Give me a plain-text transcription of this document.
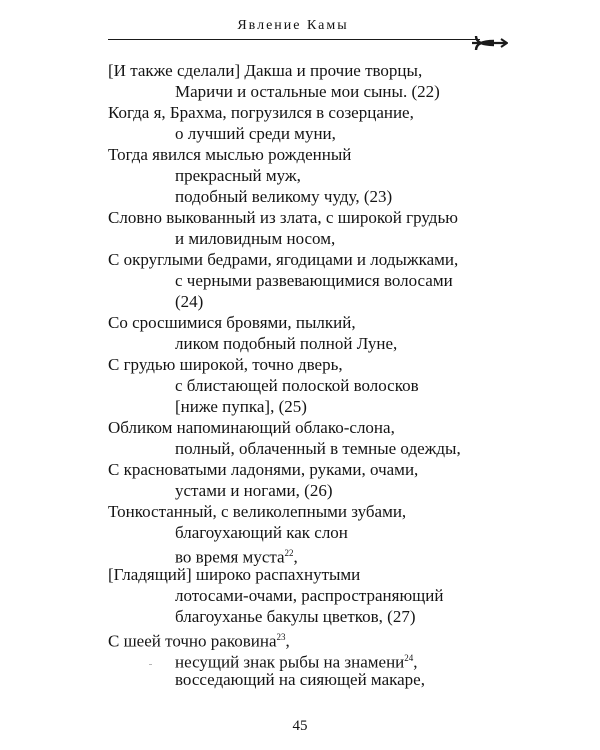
Явление Камы
[И также сделали] Дакша и прочие творцы,
Маричи и остальные мои сыны. (22)
Когда я, Брахма, погрузился в созерцание,
о лучший среди муни,
Тогда явился мыслью рожденный
прекрасный муж,
подобный великому чуду, (23)
Словно выкованный из злата, с широкой грудью
и миловидным носом,
С округлыми бедрами, ягодицами и лодыжками,
с черными развевающимися волосами
(24)
Со сросшимися бровями, пылкий,
ликом подобный полной Луне,
С грудью широкой, точно дверь,
с блистающей полоской волосков
[ниже пупка], (25)
Обликом напоминающий облако-слона,
полный, облаченный в темные одежды,
С красноватыми ладонями, руками, очами,
устами и ногами, (26)
Тонкостанный, с великолепными зубами,
благоухающий как слон
во время муста$^{22}$,
[Гладящий] широко распахнутыми
лотосами-очами, распространяющий
благоуханье бакулы цветков, (27)
С шеей точно раковина$^{23}$,
несущий знак рыбы на знамени$^{24}$,
восседающий на сияющей макаре,
45
